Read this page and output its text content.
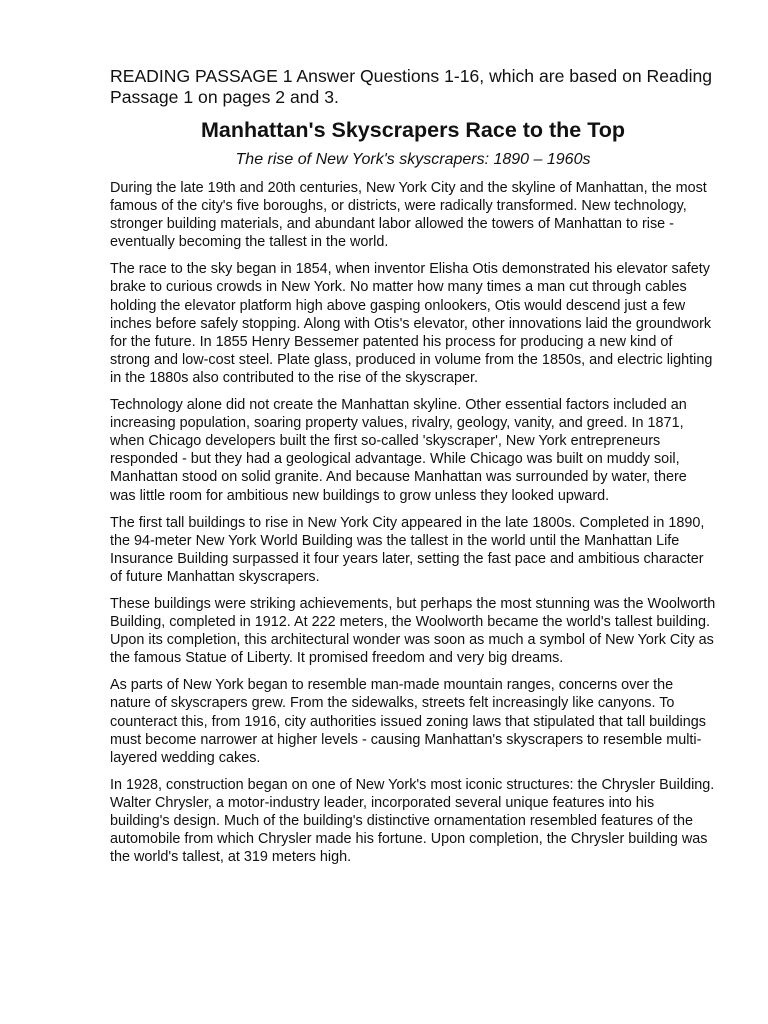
READING PASSAGE 1 Answer Questions 1-16, which are based on Reading Passage 1 on pages 2 and 3.

Manhattan's Skyscrapers Race to the Top

The rise of New York's skyscrapers: 1890 – 1960s

During the late 19th and 20th centuries, New York City and the skyline of Manhattan, the most famous of the city's five boroughs, or districts, were radically transformed. New technology, stronger building materials, and abundant labor allowed the towers of Manhattan to rise - eventually becoming the tallest in the world.

The race to the sky began in 1854, when inventor Elisha Otis demonstrated his elevator safety brake to curious crowds in New York. No matter how many times a man cut through cables holding the elevator platform high above gasping onlookers, Otis would descend just a few inches before safely stopping. Along with Otis's elevator, other innovations laid the groundwork for the future. In 1855 Henry Bessemer patented his process for producing a new kind of strong and low-cost steel. Plate glass, produced in volume from the 1850s, and electric lighting in the 1880s also contributed to the rise of the skyscraper.

Technology alone did not create the Manhattan skyline. Other essential factors included an increasing population, soaring property values, rivalry, geology, vanity, and greed. In 1871, when Chicago developers built the first so-called 'skyscraper', New York entrepreneurs responded - but they had a geological advantage. While Chicago was built on muddy soil, Manhattan stood on solid granite. And because Manhattan was surrounded by water, there was little room for ambitious new buildings to grow unless they looked upward.

The first tall buildings to rise in New York City appeared in the late 1800s. Completed in 1890, the 94-meter New York World Building was the tallest in the world until the Manhattan Life Insurance Building surpassed it four years later, setting the fast pace and ambitious character of future Manhattan skyscrapers.

These buildings were striking achievements, but perhaps the most stunning was the Woolworth Building, completed in 1912. At 222 meters, the Woolworth became the world's tallest building. Upon its completion, this architectural wonder was soon as much a symbol of New York City as the famous Statue of Liberty. It promised freedom and very big dreams.

As parts of New York began to resemble man-made mountain ranges, concerns over the nature of skyscrapers grew. From the sidewalks, streets felt increasingly like canyons. To counteract this, from 1916, city authorities issued zoning laws that stipulated that tall buildings must become narrower at higher levels - causing Manhattan's skyscrapers to resemble multi-layered wedding cakes.

In 1928, construction began on one of New York's most iconic structures: the Chrysler Building. Walter Chrysler, a motor-industry leader, incorporated several unique features into his building's design. Much of the building's distinctive ornamentation resembled features of the automobile from which Chrysler made his fortune. Upon completion, the Chrysler building was the world's tallest, at 319 meters high.
